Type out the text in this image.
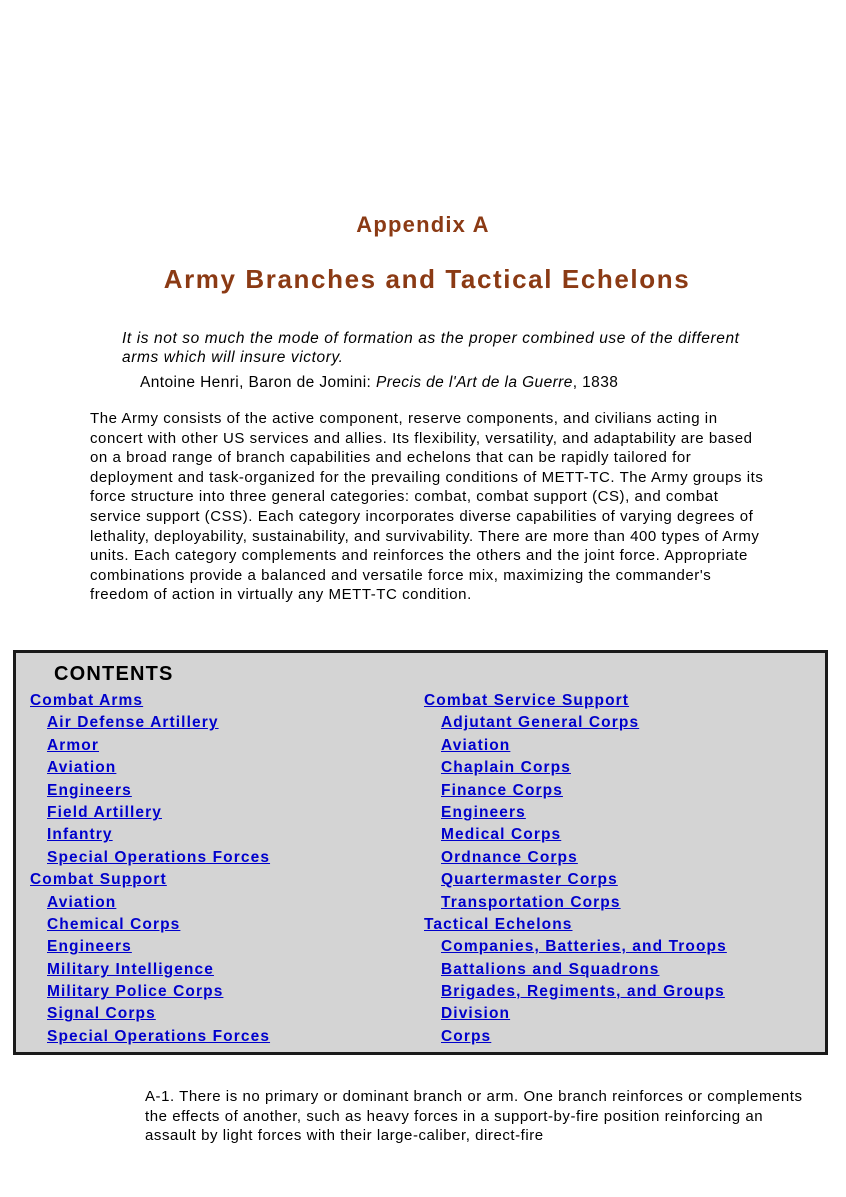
Appendix A
Army Branches and Tactical Echelons
It is not so much the mode of formation as the proper combined use of the different arms which will insure victory.
Antoine Henri, Baron de Jomini: Precis de l'Art de la Guerre, 1838
The Army consists of the active component, reserve components, and civilians acting in concert with other US services and allies. Its flexibility, versatility, and adaptability are based on a broad range of branch capabilities and echelons that can be rapidly tailored for deployment and task-organized for the prevailing conditions of METT-TC. The Army groups its force structure into three general categories: combat, combat support (CS), and combat service support (CSS). Each category incorporates diverse capabilities of varying degrees of lethality, deployability, sustainability, and survivability. There are more than 400 types of Army units. Each category complements and reinforces the others and the joint force. Appropriate combinations provide a balanced and versatile force mix, maximizing the commander's freedom of action in virtually any METT-TC condition.
CONTENTS
Combat Arms
Air Defense Artillery
Armor
Aviation
Engineers
Field Artillery
Infantry
Special Operations Forces
Combat Support
Aviation
Chemical Corps
Engineers
Military Intelligence
Military Police Corps
Signal Corps
Special Operations Forces
Combat Service Support
Adjutant General Corps
Aviation
Chaplain Corps
Finance Corps
Engineers
Medical Corps
Ordnance Corps
Quartermaster Corps
Transportation Corps
Tactical Echelons
Companies, Batteries, and Troops
Battalions and Squadrons
Brigades, Regiments, and Groups
Division
Corps
A-1. There is no primary or dominant branch or arm. One branch reinforces or complements the effects of another, such as heavy forces in a support-by-fire position reinforcing an assault by light forces with their large-caliber, direct-fire
